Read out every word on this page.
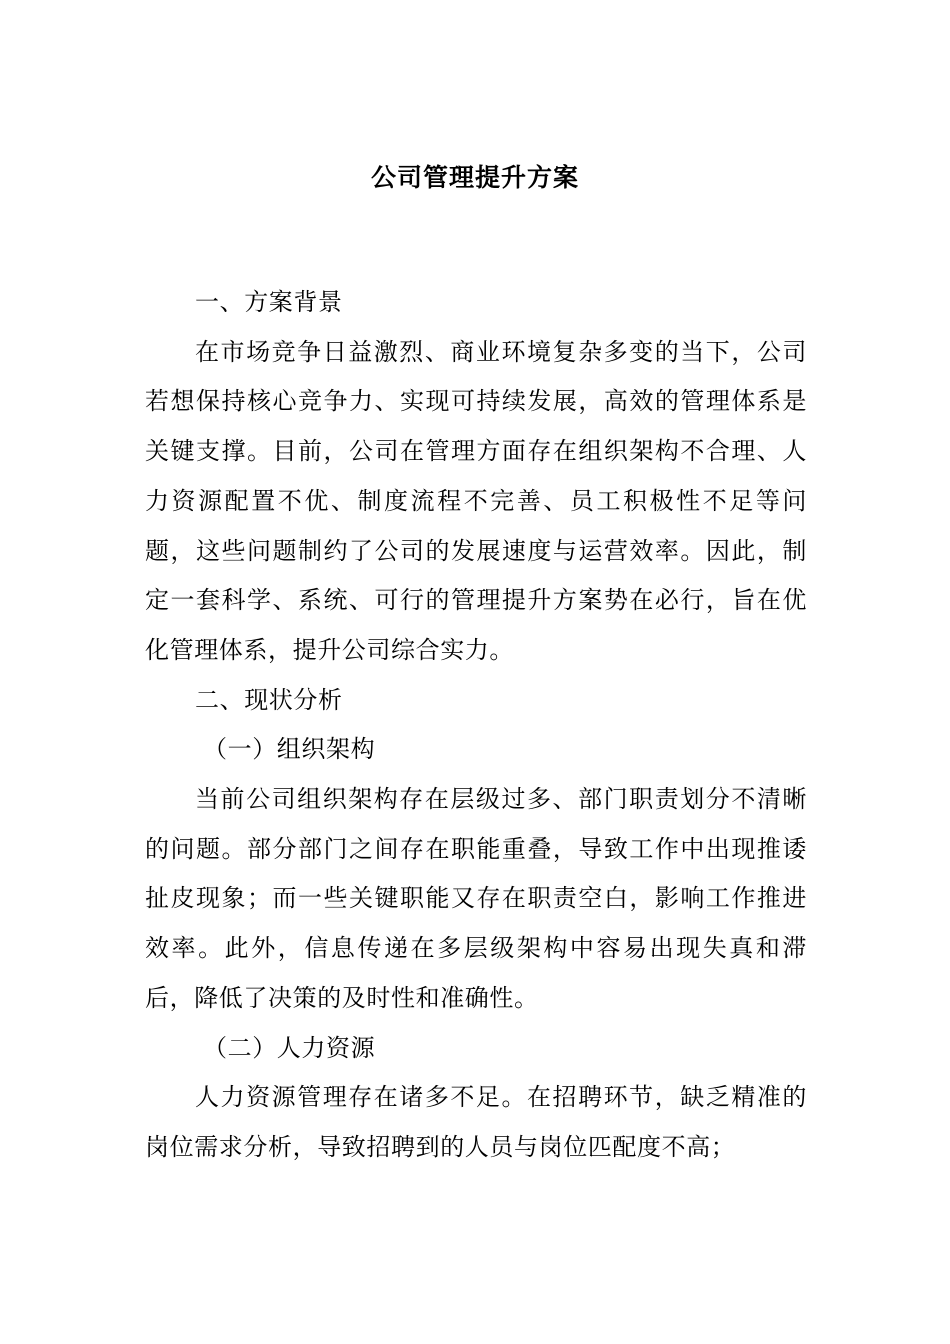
公司管理提升方案
一、方案背景
在市场竞争日益激烈、商业环境复杂多变的当下，公司若想保持核心竞争力、实现可持续发展，高效的管理体系是关键支撑。目前，公司在管理方面存在组织架构不合理、人力资源配置不优、制度流程不完善、员工积极性不足等问题，这些问题制约了公司的发展速度与运营效率。因此，制定一套科学、系统、可行的管理提升方案势在必行，旨在优化管理体系，提升公司综合实力。
二、现状分析
（一）组织架构
当前公司组织架构存在层级过多、部门职责划分不清晰的问题。部分部门之间存在职能重叠，导致工作中出现推诿扯皮现象；而一些关键职能又存在职责空白，影响工作推进效率。此外，信息传递在多层级架构中容易出现失真和滞后，降低了决策的及时性和准确性。
（二）人力资源
人力资源管理存在诸多不足。在招聘环节，缺乏精准的岗位需求分析，导致招聘到的人员与岗位匹配度不高；
